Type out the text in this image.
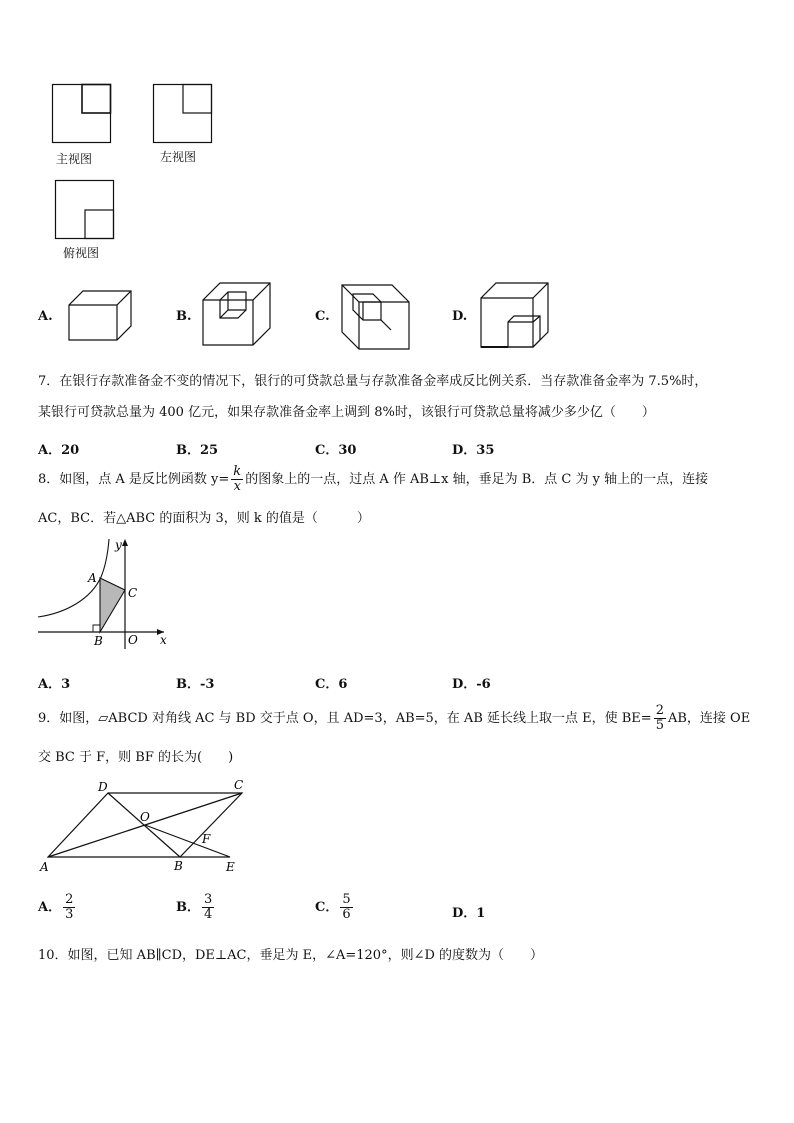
主视图	左视图
俯视图
A.	B.	C.	D.
7．在银行存款准备金不变的情况下，银行的可贷款总量与存款准备金率成反比例关系．当存款准备金率为 7.5%时，
某银行可贷款总量为 400 亿元，如果存款准备金率上调到 8%时，该银行可贷款总量将减少多少亿（　　）
A．20	B．25	C．30	D．35
8．如图，点 A 是反比例函数 $y= \frac{k}{x}$ 的图象上的一点，过点 A 作 AB⊥x 轴，垂足为 B．点 C 为 y 轴上的一点，连接
AC，BC．若△ABC 的面积为 3，则 k 的值是（　　　）
y
A
C
B O x
A．3	B．-3	C．6	D．-6
9．如图，▱ABCD 对角线 AC 与 BD 交于点 O，且 AD=3，AB=5，在 AB 延长线上取一点 E，使 $BE= \frac{2}{5}$ AB，连接 OE
交 BC 于 F，则 BF 的长为(　　)
D	C
O
F
A	B	E
A． $\frac{2}{3}$	B． $\frac{3}{4}$	C． $\frac{5}{6}$	D．1
10．如图，已知 AB∥CD，DE⊥AC，垂足为 E，∠A=120°，则∠D 的度数为（　　）
